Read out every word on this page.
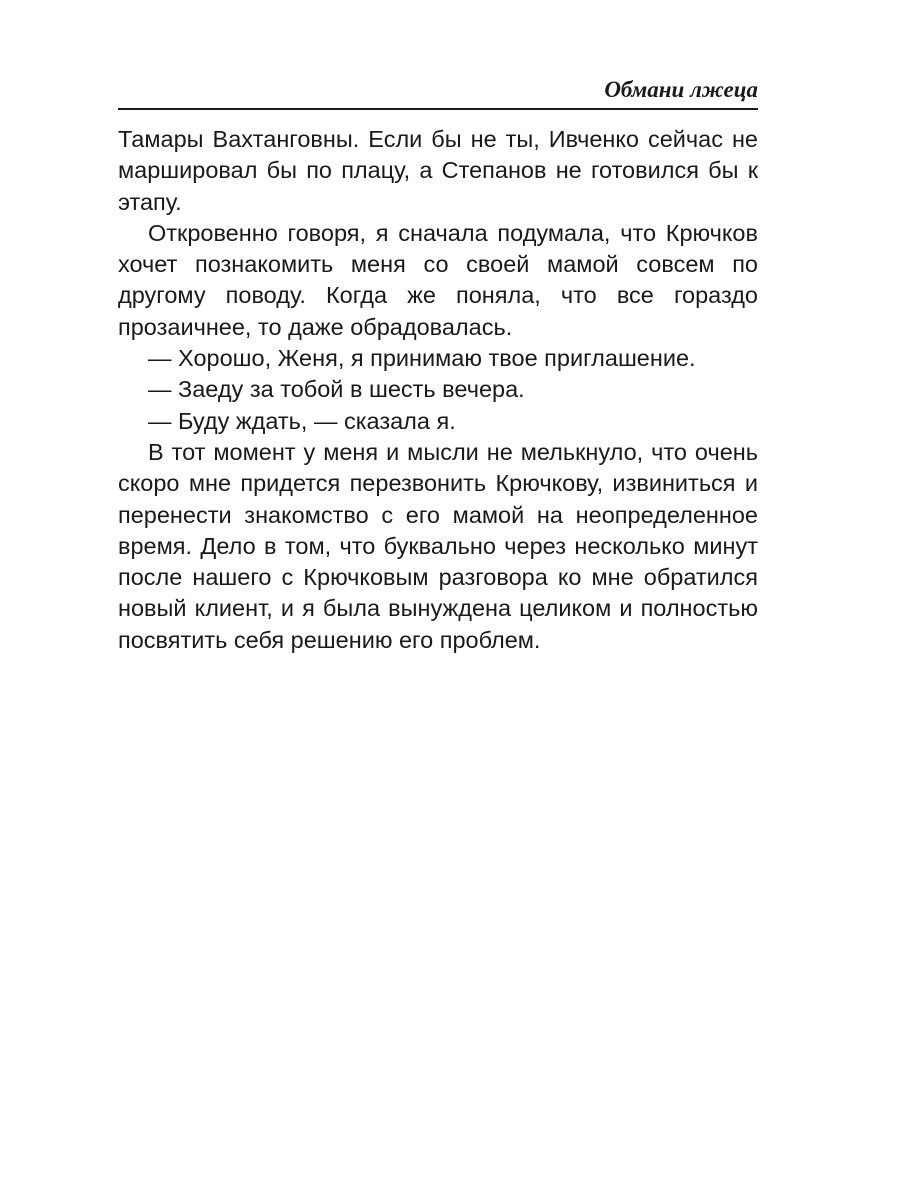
Обмани лжеца

Тамары Вахтанговны. Если бы не ты, Ивченко сейчас не маршировал бы по плацу, а Степанов не готовился бы к этапу.

Откровенно говоря, я сначала подумала, что Крючков хочет познакомить меня со своей мамой совсем по другому поводу. Когда же поняла, что все гораздо прозаичнее, то даже обрадовалась.

— Хорошо, Женя, я принимаю твое приглашение.

— Заеду за тобой в шесть вечера.

— Буду ждать, — сказала я.

В тот момент у меня и мысли не мелькнуло, что очень скоро мне придется перезвонить Крючкову, извиниться и перенести знакомство с его мамой на неопределенное время. Дело в том, что буквально через несколько минут после нашего с Крючковым разговора ко мне обратился новый клиент, и я была вынуждена целиком и полностью посвятить себя решению его проблем.
